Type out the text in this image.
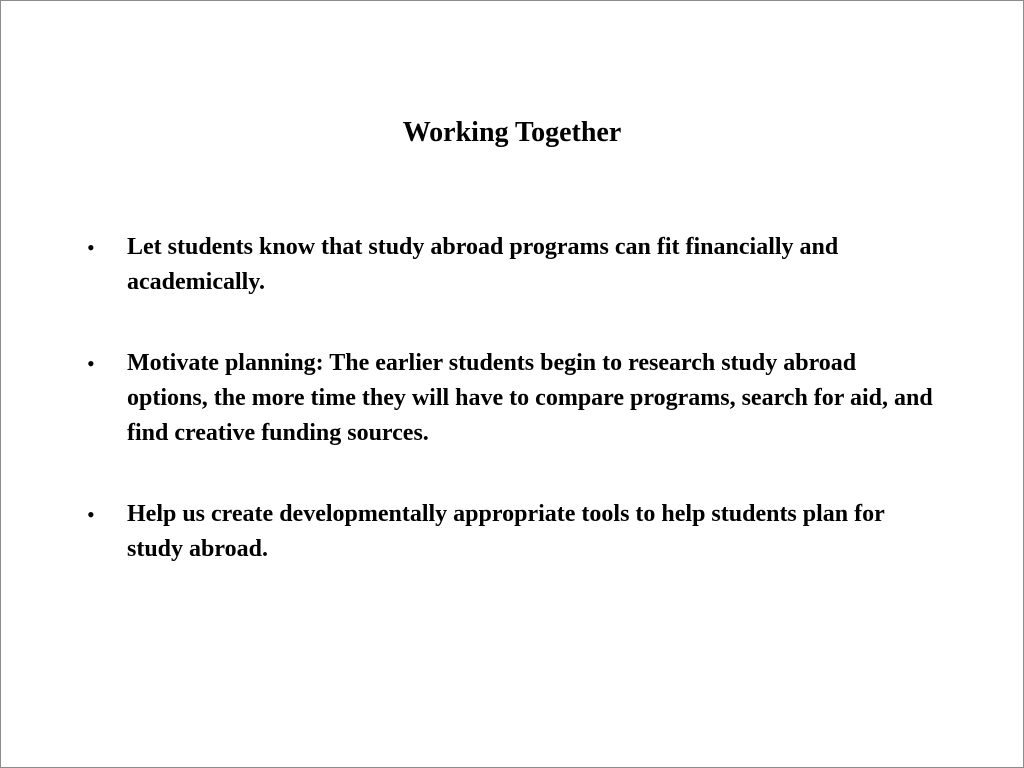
Working Together
• Let students know that study abroad programs can fit financially and academically.
• Motivate planning: The earlier students begin to research study abroad options, the more time they will have to compare programs, search for aid, and find creative funding sources.
• Help us create developmentally appropriate tools to help students plan for study abroad.
